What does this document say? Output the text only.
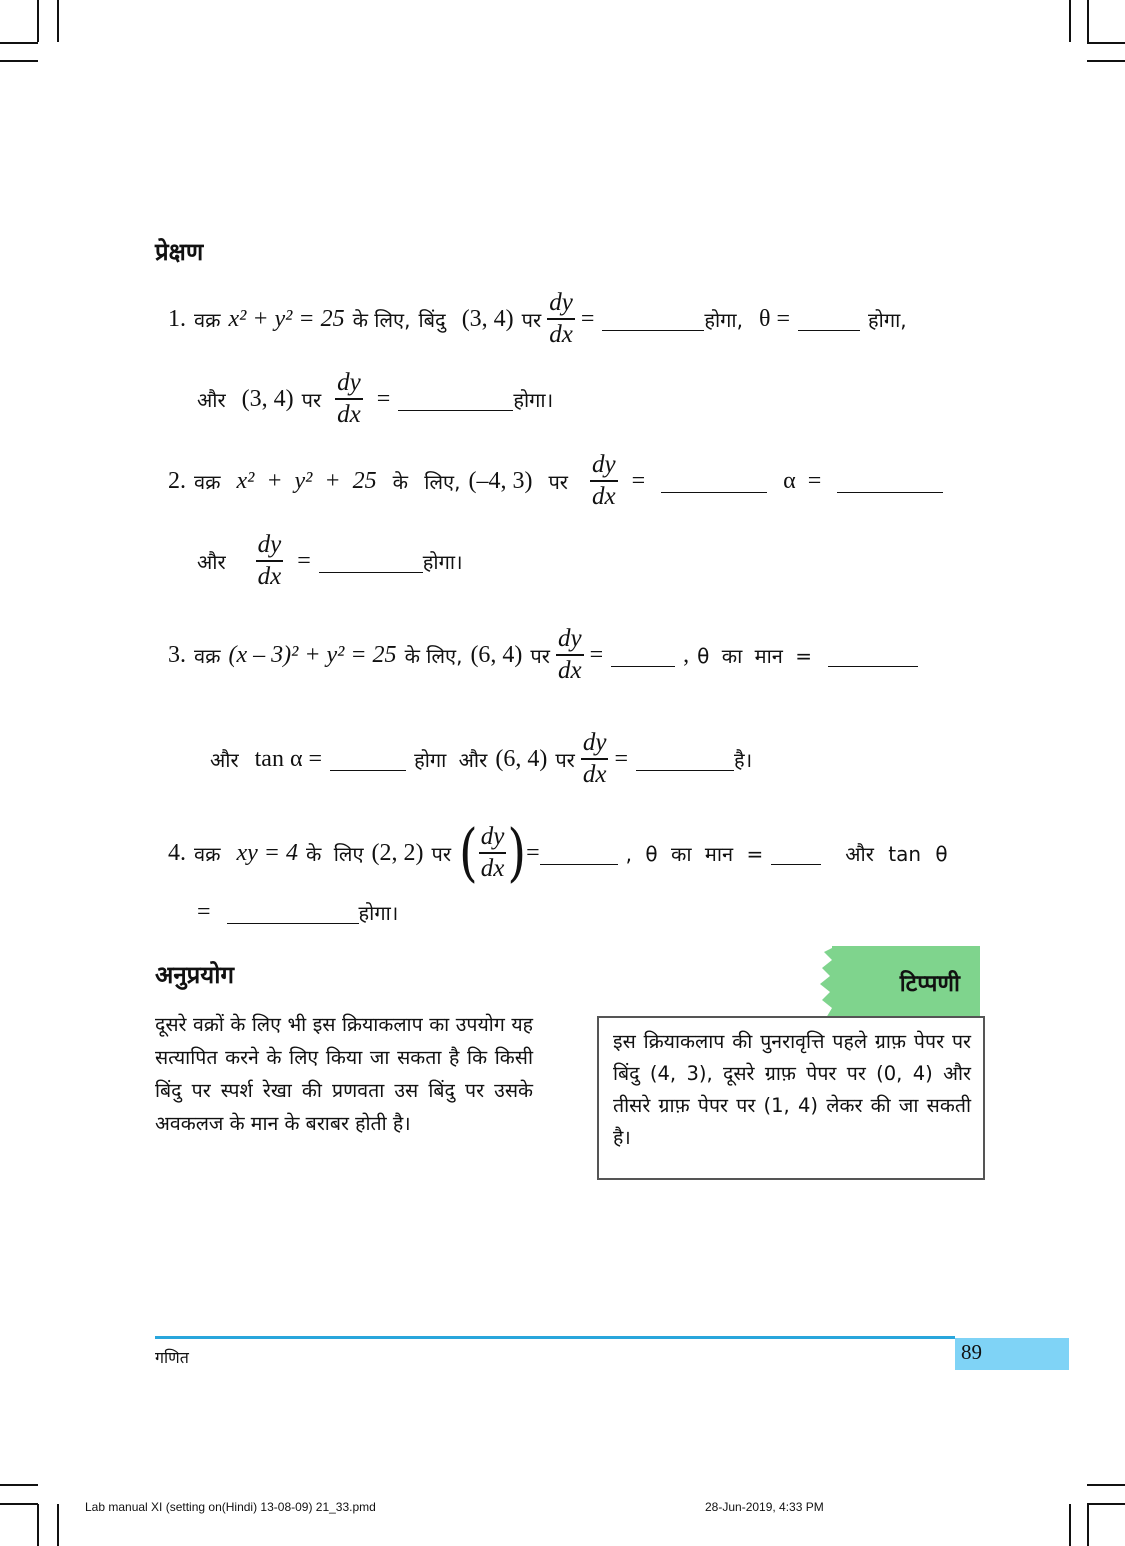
प्रेक्षण
1. वक्र x² + y² = 25 के लिए, बिंदु (3, 4) पर $\frac{dy}{dx}$ =	होगा, θ =	होगा,
और (3, 4) पर $\frac{dy}{dx}$ =	होगा।
2. वक्र x² + y² + 25 के लिए, (–4, 3) पर $\frac{dy}{dx}$ =	α =
और $\frac{dy}{dx}$ =	होगा।
3. वक्र (x – 3)² + y² = 25 के लिए, (6, 4) पर $\frac{dy}{dx}$ =	, θ का मान =
और tan α =	होगा और (6, 4) पर $\frac{dy}{dx}$ =	है।
4. वक्र xy = 4 के लिए (2, 2) पर ( $\frac{dy}{dx}$ ) =	, θ का मान =	और tan θ
=	होगा।
अनुप्रयोग
दूसरे वक्रों के लिए भी इस क्रियाकलाप का उपयोग यह सत्यापित करने के लिए किया जा सकता है कि किसी बिंदु पर स्पर्श रेखा की प्रणवता उस बिंदु पर उसके अवकलज के मान के बराबर होती है।
टिप्पणी
इस क्रियाकलाप की पुनरावृत्ति पहले ग्राफ़ पेपर पर बिंदु (4, 3), दूसरे ग्राफ़ पेपर पर (0, 4) और तीसरे ग्राफ़ पेपर पर (1, 4) लेकर की जा सकती है।
89
गणित
Lab manual XI (setting on(Hindi) 13-08-09) 21_33.pmd	28-Jun-2019, 4:33 PM
